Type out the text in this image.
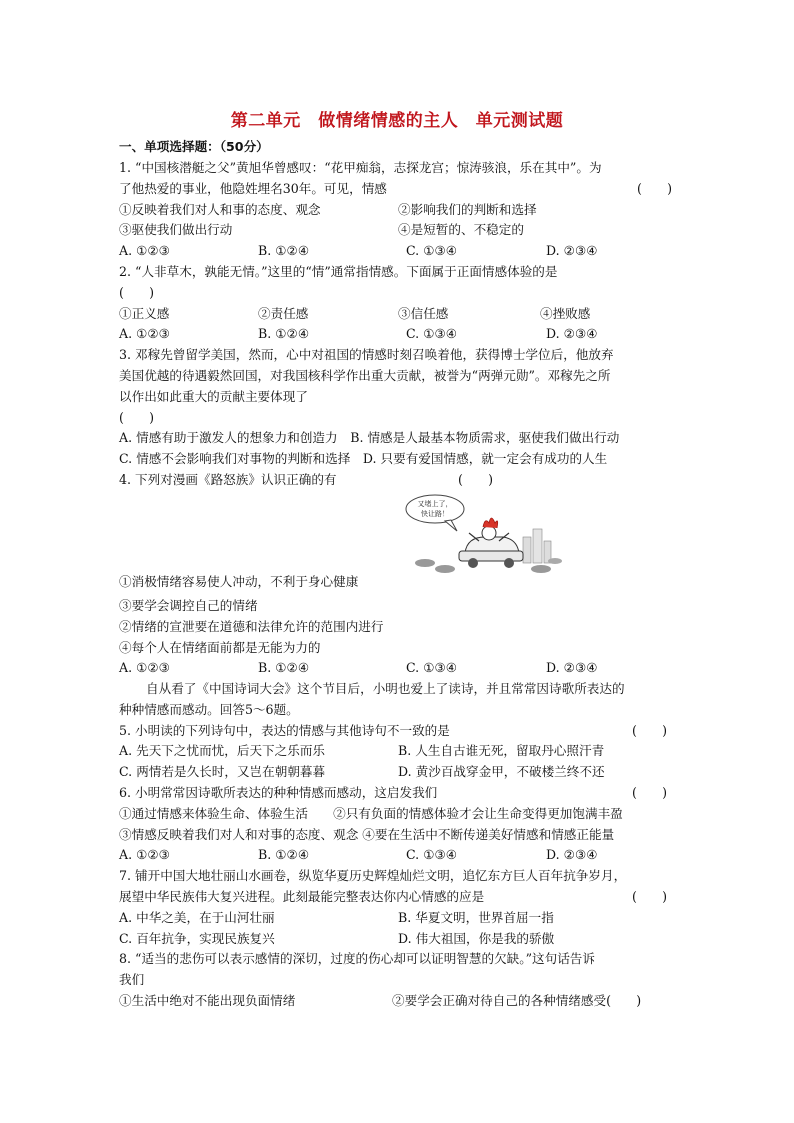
第二单元　做情绪情感的主人　单元测试题
一、单项选择题：（50分）
1. “中国核潜艇之父”黄旭华曾感叹：“花甲痴翁，志探龙宫；惊涛骇浪，乐在其中”。为
了他热爱的事业，他隐姓埋名30年。可见，情感	(　　)
①反映着我们对人和事的态度、观念	②影响我们的判断和选择
③驱使我们做出行动	④是短暂的、不稳定的
A. ①②③	B. ①②④	C. ①③④	D. ②③④
2. “人非草木，孰能无情。”这里的“情”通常指情感。下面属于正面情感体验的是
(　　)
①正义感	②责任感	③信任感	④挫败感
A. ①②③	B. ①②④	C. ①③④	D. ②③④
3. 邓稼先曾留学美国，然而，心中对祖国的情感时刻召唤着他，获得博士学位后，他放弃
美国优越的待遇毅然回国，对我国核科学作出重大贡献，被誉为“两弹元勋”。邓稼先之所
以作出如此重大的贡献主要体现了
(　　)
A. 情感有助于激发人的想象力和创造力　B. 情感是人最基本物质需求，驱使我们做出行动
C. 情感不会影响我们对事物的判断和选择　D. 只要有爱国情感，就一定会有成功的人生
4. 下列对漫画《路怒族》认识正确的有	(　　)
又堵上了，
快让路！
①消极情绪容易使人冲动，不利于身心健康
③要学会调控自己的情绪
②情绪的宣泄要在道德和法律允许的范围内进行
④每个人在情绪面前都是无能为力的
A. ①②③	B. ①②④	C. ①③④	D. ②③④
自从看了《中国诗词大会》这个节目后，小明也爱上了读诗，并且常常因诗歌所表达的
种种情感而感动。回答5～6题。
5. 小明读的下列诗句中，表达的情感与其他诗句不一致的是	(　　)
A. 先天下之忧而忧，后天下之乐而乐	B. 人生自古谁无死，留取丹心照汗青
C. 两情若是久长时，又岂在朝朝暮暮	D. 黄沙百战穿金甲，不破楼兰终不还
6. 小明常常因诗歌所表达的种种情感而感动，这启发我们	(　　)
①通过情感来体验生命、体验生活　　②只有负面的情感体验才会让生命变得更加饱满丰盈
③情感反映着我们对人和对事的态度、观念 ④要在生活中不断传递美好情感和情感正能量
A. ①②③	B. ①②④	C. ①③④	D. ②③④
7. 铺开中国大地壮丽山水画卷，纵览华夏历史辉煌灿烂文明，追忆东方巨人百年抗争岁月，
展望中华民族伟大复兴进程。此刻最能完整表达你内心情感的应是	(　　)
A. 中华之美，在于山河壮丽	B. 华夏文明，世界首屈一指
C. 百年抗争，实现民族复兴	D. 伟大祖国，你是我的骄傲
8. “适当的悲伤可以表示感情的深切，过度的伤心却可以证明智慧的欠缺。”这句话告诉
我们
①生活中绝对不能出现负面情绪	②要学会正确对待自己的各种情绪感受(　　)
